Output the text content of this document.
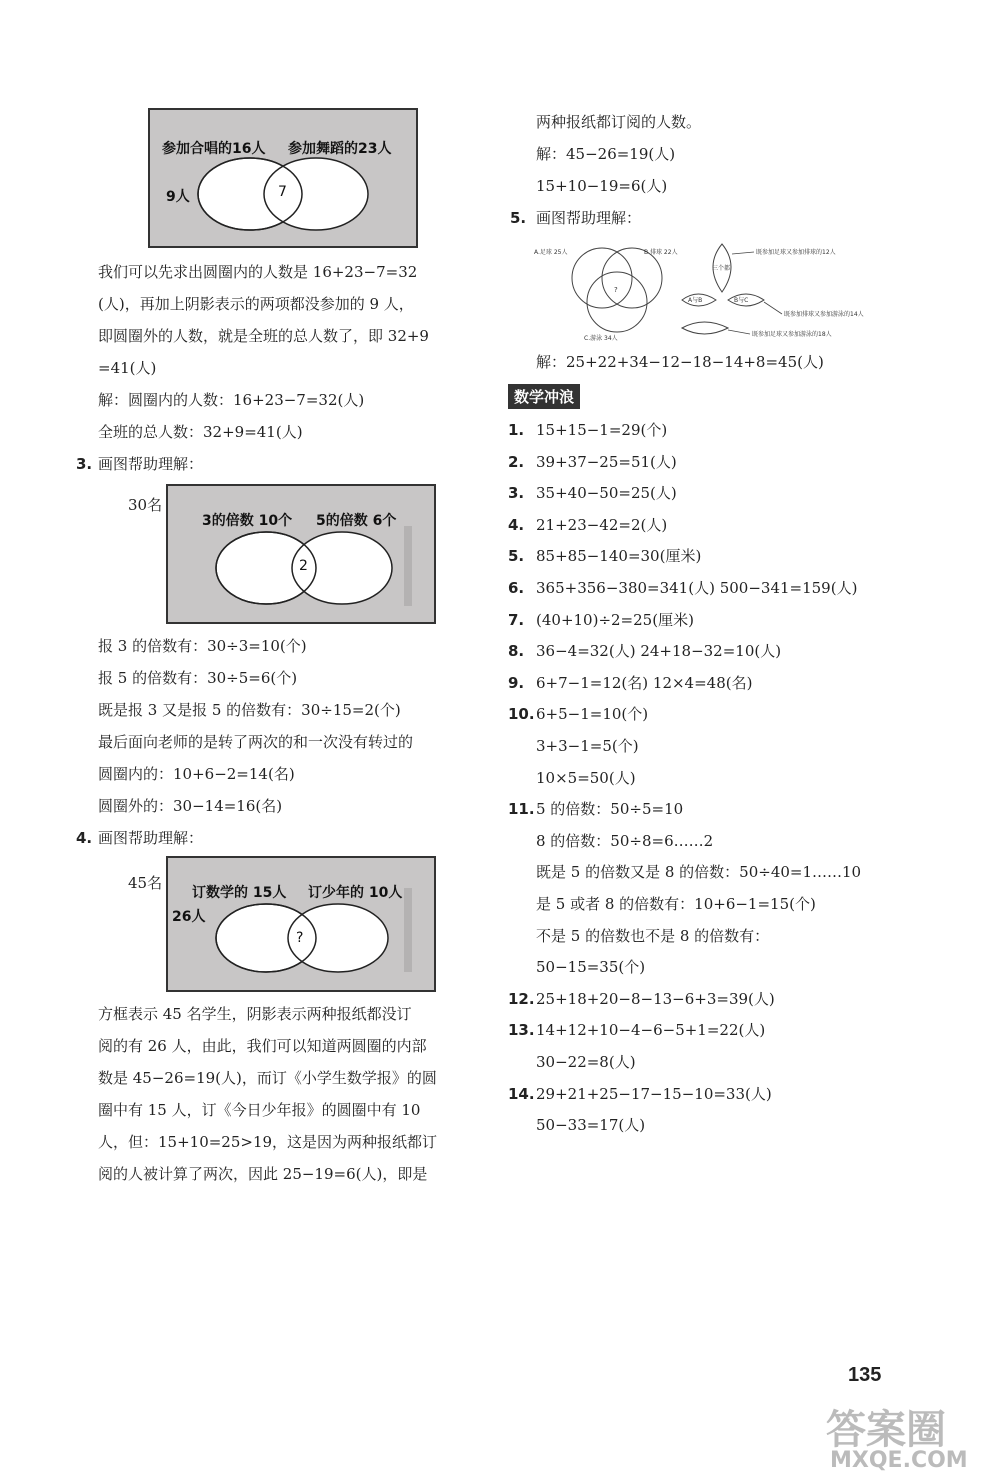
参加合唱的16人 参加舞蹈的23人
9人	7
我们可以先求出圆圈内的人数是 16+23−7=32
(人)，再加上阴影表示的两项都没参加的 9 人，
即圆圈外的人数，就是全班的总人数了，即 32+9
=41(人)
解：圆圈内的人数：16+23−7=32(人)
全班的总人数：32+9=41(人)
3. 画图帮助理解：
30名
3的倍数 10个 5的倍数 6个
2
报 3 的倍数有：30÷3=10(个)
报 5 的倍数有：30÷5=6(个)
既是报 3 又是报 5 的倍数有：30÷15=2(个)
最后面向老师的是转了两次的和一次没有转过的
圆圈内的：10+6−2=14(名)
圆圈外的：30−14=16(名)
4. 画图帮助理解：
45名
订数学的 15人 订少年的 10人
26人
?
方框表示 45 名学生，阴影表示两种报纸都没订
阅的有 26 人，由此，我们可以知道两圆圈的内部
数是 45−26=19(人)，而订《小学生数学报》的圆
圈中有 15 人，订《今日少年报》的圆圈中有 10
人，但：15+10=25>19，这是因为两种报纸都订
阅的人被计算了两次，因此 25−19=6(人)，即是
两种报纸都订阅的人数。
解：45−26=19(人)
15+10−19=6(人)
5. 画图帮助理解：
A.足球 25人	B.排球 22人
C.游泳 34人
?
三个都
A与B	B与C
既参加足球又参加排球的12人
既参加排球又参加游泳的14人
既参加足球又参加游泳的18人
解：25+22+34−12−18−14+8=45(人)
数学冲浪
1. 15+15−1=29(个)
2. 39+37−25=51(人)
3. 35+40−50=25(人)
4. 21+23−42=2(人)
5. 85+85−140=30(厘米)
6. 365+356−380=341(人) 500−341=159(人)
7. (40+10)÷2=25(厘米)
8. 36−4=32(人) 24+18−32=10(人)
9. 6+7−1=12(名) 12×4=48(名)
10. 6+5−1=10(个)
3+3−1=5(个)
10×5=50(人)
11. 5 的倍数：50÷5=10
8 的倍数：50÷8=6……2
既是 5 的倍数又是 8 的倍数：50÷40=1……10
是 5 或者 8 的倍数有：10+6−1=15(个)
不是 5 的倍数也不是 8 的倍数有：
50−15=35(个)
12. 25+18+20−8−13−6+3=39(人)
13. 14+12+10−4−6−5+1=22(人)
30−22=8(人)
14. 29+21+25−17−15−10=33(人)
50−33=17(人)
135
答案圈
MXQE.COM
